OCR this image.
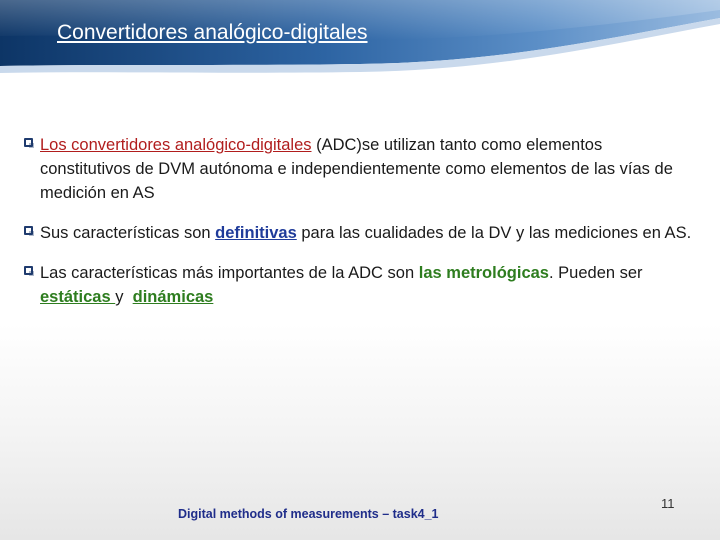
Convertidores analógico-digitales
Los convertidores analógico-digitales (ADC)se utilizan tanto como elementos constitutivos de DVM autónoma e independientemente como elementos de las vías de medición en AS
Sus características son definitivas para las cualidades de la DV y las mediciones en AS.
Las características más importantes de la ADC son las metrológicas. Pueden ser estáticas y  dinámicas
Digital methods of measurements – task4_1
11
